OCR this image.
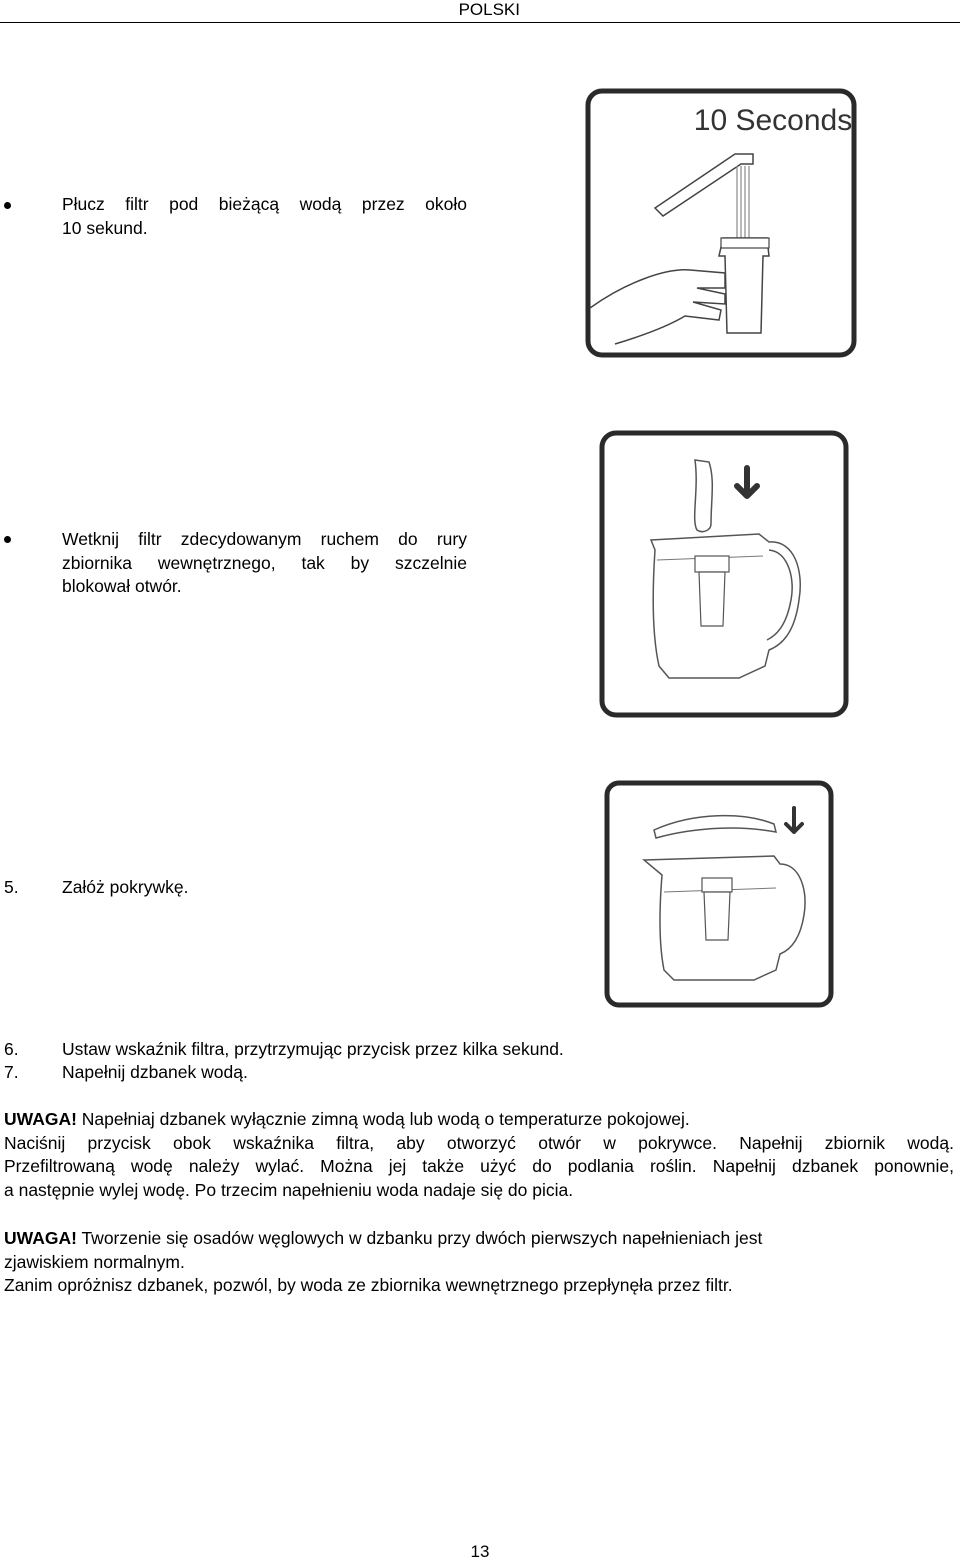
POLSKI
Płucz filtr pod bieżącą wodą przez około
10 sekund.
10 Seconds
Wetknij filtr zdecydowanym ruchem do rury
zbiornika wewnętrznego, tak by szczelnie
blokował otwór.
5. Załóż pokrywkę.
6. Ustaw wskaźnik filtra, przytrzymując przycisk przez kilka sekund.
7. Napełnij dzbanek wodą.
UWAGA! Napełniaj dzbanek wyłącznie zimną wodą lub wodą o temperaturze pokojowej.
Naciśnij przycisk obok wskaźnika filtra, aby otworzyć otwór w pokrywce. Napełnij zbiornik wodą.
Przefiltrowaną wodę należy wylać. Można jej także użyć do podlania roślin. Napełnij dzbanek ponownie,
a następnie wylej wodę. Po trzecim napełnieniu woda nadaje się do picia.
UWAGA! Tworzenie się osadów węglowych w dzbanku przy dwóch pierwszych napełnieniach jest
zjawiskiem normalnym.
Zanim opróżnisz dzbanek, pozwól, by woda ze zbiornika wewnętrznego przepłynęła przez filtr.
13
